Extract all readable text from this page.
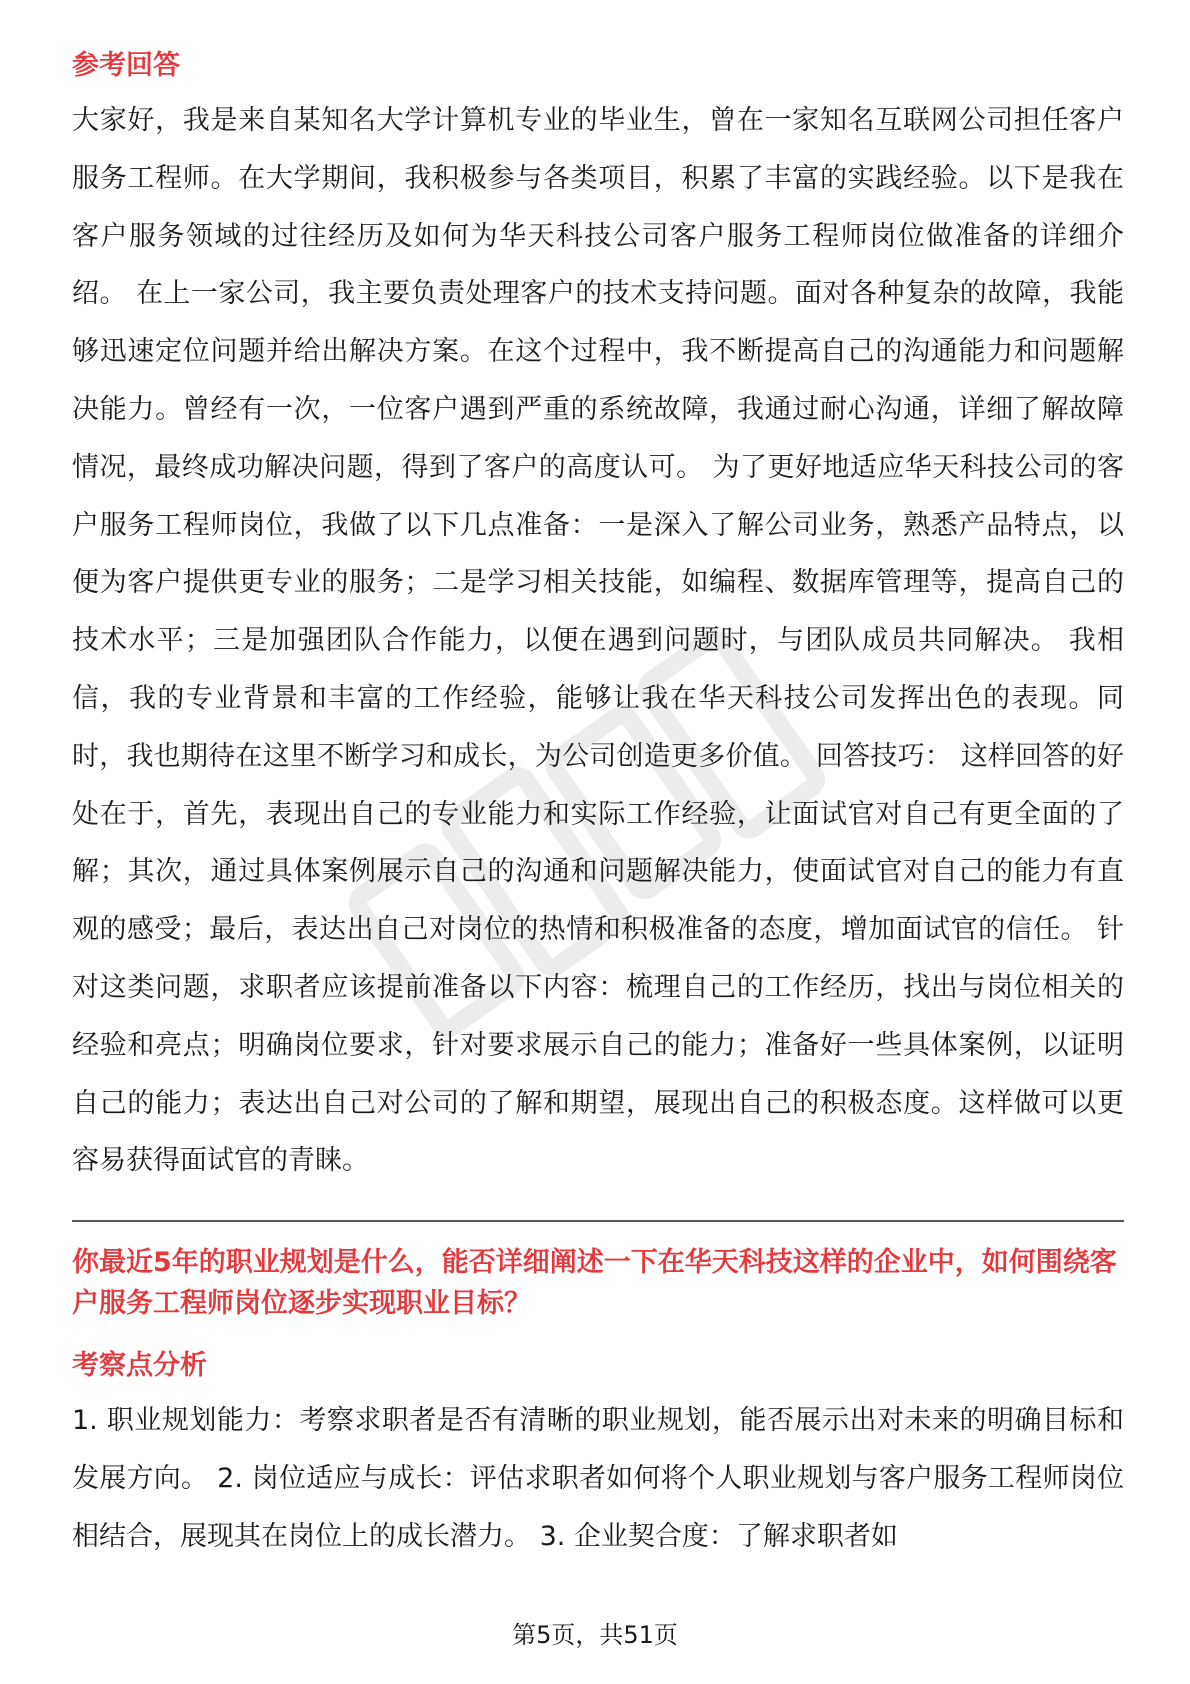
参考回答

大家好，我是来自某知名大学计算机专业的毕业生，曾在一家知名互联网公司担任客户服务工程师。在大学期间，我积极参与各类项目，积累了丰富的实践经验。以下是我在客户服务领域的过往经历及如何为华天科技公司客户服务工程师岗位做准备的详细介绍。 在上一家公司，我主要负责处理客户的技术支持问题。面对各种复杂的故障，我能够迅速定位问题并给出解决方案。在这个过程中，我不断提高自己的沟通能力和问题解决能力。曾经有一次，一位客户遇到严重的系统故障，我通过耐心沟通，详细了解故障情况，最终成功解决问题，得到了客户的高度认可。 为了更好地适应华天科技公司的客户服务工程师岗位，我做了以下几点准备：一是深入了解公司业务，熟悉产品特点，以便为客户提供更专业的服务；二是学习相关技能，如编程、数据库管理等，提高自己的技术水平；三是加强团队合作能力，以便在遇到问题时，与团队成员共同解决。 我相信，我的专业背景和丰富的工作经验，能够让我在华天科技公司发挥出色的表现。同时，我也期待在这里不断学习和成长，为公司创造更多价值。 回答技巧： 这样回答的好处在于，首先，表现出自己的专业能力和实际工作经验，让面试官对自己有更全面的了解；其次，通过具体案例展示自己的沟通和问题解决能力，使面试官对自己的能力有直观的感受；最后，表达出自己对岗位的热情和积极准备的态度，增加面试官的信任。 针对这类问题，求职者应该提前准备以下内容：梳理自己的工作经历，找出与岗位相关的经验和亮点；明确岗位要求，针对要求展示自己的能力；准备好一些具体案例，以证明自己的能力；表达出自己对公司的了解和期望，展现出自己的积极态度。这样做可以更容易获得面试官的青睐。

你最近5年的职业规划是什么，能否详细阐述一下在华天科技这样的企业中，如何围绕客户服务工程师岗位逐步实现职业目标？
考察点分析

1. 职业规划能力：考察求职者是否有清晰的职业规划，能否展示出对未来的明确目标和发展方向。 2. 岗位适应与成长：评估求职者如何将个人职业规划与客户服务工程师岗位相结合，展现其在岗位上的成长潜力。 3. 企业契合度：了解求职者如

第5页，共51页
